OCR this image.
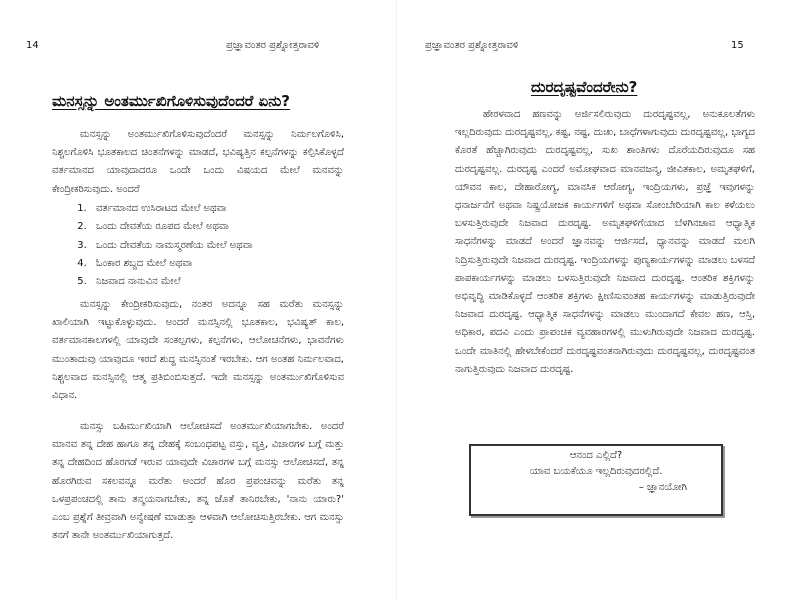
14	ಪ್ರಜ್ಞಾವಂತರ ಪ್ರಶ್ನೋತ್ತರಾವಳಿ
ಮನಸ್ಸನ್ನು ಅಂತರ್ಮುಖಿಗೊಳಿಸುವುದೆಂದರೆ ಏನು?

ಮನಸ್ಸನ್ನು ಅಂತರ್ಮುಖಿಗೊಳಿಸುವುದೆಂದರೆ ಮನಸ್ಸನ್ನು ನಿರ್ಮಲಗೊಳಿಸಿ, ನಿಶ್ಚಲಗೊಳಿಸಿ ಭೂತಕಾಲದ ಚಿಂತನೆಗಳನ್ನು ಮಾಡದೆ, ಭವಿಷ್ಯತ್ತಿನ ಕಲ್ಪನೆಗಳನ್ನು ಕಲ್ಪಿಸಿಕೊಳ್ಳದೆ ವರ್ತಮಾನದ ಯಾವುದಾದರೂ ಒಂದೇ ಒಂದು ವಿಷಯದ ಮೇಲೆ ಮನವನ್ನು ಕೇಂದ್ರೀಕರಿಸುವುದು. ಅಂದರೆ

1. ವರ್ತಮಾನದ ಉಸಿರಾಟದ ಮೇಲೆ ಅಥವಾ
2. ಒಂದು ದೇವತೆಯ ರೂಪದ ಮೇಲೆ ಅಥವಾ
3. ಒಂದು ದೇವತೆಯ ನಾಮಸ್ಮರಣೆಯ ಮೇಲೆ ಅಥವಾ
4. ಓಂಕಾರ ಶಬ್ದದ ಮೇಲೆ ಅಥವಾ
5. ನಿಜವಾದ ನಾನುವಿನ ಮೇಲೆ

ಮನಸ್ಸನ್ನು ಕೇಂದ್ರೀಕರಿಸುವುದು, ನಂತರ ಅದನ್ನೂ ಸಹ ಮರೆತು ಮನಸ್ಸನ್ನು ಖಾಲಿಯಾಗಿ ಇಟ್ಟುಕೊಳ್ಳುವುದು. ಅಂದರೆ ಮನಸ್ಸಿನಲ್ಲಿ ಭೂತಕಾಲ, ಭವಿಷ್ಯತ್ ಕಾಲ, ವರ್ತಮಾನಕಾಲಗಳಲ್ಲಿ ಯಾವುದೇ ಸಂಕಲ್ಪಗಳು, ಕಲ್ಪನೆಗಳು, ಆಲೋಚನೆಗಳು, ಭಾವನೆಗಳು ಮುಂತಾದುವು ಯಾವುದೂ ಇರದೆ ಶುದ್ಧ ಮನಸ್ಸಿನಂತೆ ಇರಬೇಕು. ಆಗ ಅಂತಹ ನಿರ್ಮಲವಾದ, ನಿಶ್ಚಲವಾದ ಮನಸ್ಸಿನಲ್ಲಿ ಆತ್ಮ ಪ್ರತಿಬಿಂಬಿಸುತ್ತದೆ. ಇದೇ ಮನಸ್ಸನ್ನು ಅಂತರ್ಮುಖಿಗೊಳಿಸುವ ವಿಧಾನ.

ಮನಸ್ಸು ಬಹಿರ್ಮುಖಿಯಾಗಿ ಆಲೋಚಿಸದೆ ಅಂತರ್ಮುಖಿಯಾಗಬೇಕು. ಅಂದರೆ ಮಾನವ ತನ್ನ ದೇಹ ಹಾಗೂ ತನ್ನ ದೇಹಕ್ಕೆ ಸಂಬಂಧಪಟ್ಟ ವಸ್ತು, ವ್ಯಕ್ತಿ, ವಿಚಾರಗಳ ಬಗ್ಗೆ ಮತ್ತು ತನ್ನ ದೇಹದಿಂದ ಹೊರಗಡೆ ಇರುವ ಯಾವುದೇ ವಿಚಾರಗಳ ಬಗ್ಗೆ ಮನಸ್ಸು ಆಲೋಚಿಸದೆ, ತನ್ನ ಹೊರಗಿರುವ ಸಕಲವನ್ನೂ ಮರೆತು ಅಂದರೆ ಹೊರ ಪ್ರಪಂಚವನ್ನು ಮರೆತು ತನ್ನ ಒಳಪ್ರಪಂಚದಲ್ಲಿ ತಾನು ತನ್ಮಯನಾಗಬೇಕು, ತನ್ನ ಜೊತೆ ತಾನಿರಬೇಕು, 'ನಾನು ಯಾರು?' ಎಂಬ ಪ್ರಶ್ನೆಗೆ ತೀವ್ರವಾಗಿ ಅನ್ವೇಷಣೆ ಮಾಡುತ್ತಾ ಆಳವಾಗಿ ಆಲೋಚಿಸುತ್ತಿರಬೇಕು. ಆಗ ಮನಸ್ಸು ತನಗೆ ತಾನೇ ಅಂತರ್ಮುಖಿಯಾಗುತ್ತದೆ.

ಪ್ರಜ್ಞಾವಂತರ ಪ್ರಶ್ನೋತ್ತರಾವಳಿ	15
ದುರದೃಷ್ಟವೆಂದರೇನು?

ಹೇರಳವಾದ ಹಣವನ್ನು ಅರ್ಜಿಸಲಿರುವುದು ದುರದೃಷ್ಟವಲ್ಲ, ಅನುಕೂಲತೆಗಳು ಇಲ್ಲದಿರುವುದು ದುರದೃಷ್ಟವಲ್ಲ, ಕಷ್ಟ, ನಷ್ಟ, ದುಃಖ, ಬಾಧೆಗಳಾಗುವುದು ದುರದೃಷ್ಟವಲ್ಲ, ಭಾಗ್ಯದ ಕೊರತೆ ಹೆಚ್ಚಾಗಿರುವುದು ದುರದೃಷ್ಟವಲ್ಲ, ಸುಖ ಶಾಂತಿಗಳು ದೊರೆಯದಿರುವುದೂ ಸಹ ದುರದೃಷ್ಟವಲ್ಲ. ದುರದೃಷ್ಟ ಎಂದರೆ ಅಮೋಘವಾದ ಮಾನವಜನ್ಮ, ಜೀವಿತಕಾಲ, ಅಮೃತಘಳಿಗೆ, ಯೌವನ ಕಾಲ, ದೇಹಾರೋಗ್ಯ, ಮಾನಸಿಕ ಆರೋಗ್ಯ, ಇಂದ್ರಿಯಗಳು, ಪ್ರಜ್ಞೆ ಇವುಗಳನ್ನು ಧನಾರ್ಜನೆಗೆ ಅಥವಾ ನಿಷ್ಪ್ರಯೋಜಕ ಕಾರ್ಯಗಳಿಗೆ ಅಥವಾ ಸೋಂಬೇರಿಯಾಗಿ ಕಾಲ ಕಳೆಯಲು ಬಳಸುತ್ತಿರುವುದೇ ನಿಜವಾದ ದುರದೃಷ್ಟ. ಅಮೃತಘಳಿಗೆಯಾದ ಬೆಳಗಿನಜಾವ ಆಧ್ಯಾತ್ಮಿಕ ಸಾಧನೆಗಳನ್ನು ಮಾಡದೆ ಅಂದರೆ ಜ್ಞಾನವನ್ನು ಆರ್ಜಿಸದೆ, ಧ್ಯಾನವನ್ನು ಮಾಡದೆ ಮಲಗಿ ನಿದ್ರಿಸುತ್ತಿರುವುದೇ ನಿಜವಾದ ದುರದೃಷ್ಟ. ಇಂದ್ರಿಯಗಳನ್ನು ಪುಣ್ಯಕಾರ್ಯಗಳನ್ನು ಮಾಡಲು ಬಳಸದೆ ಪಾಪಕಾರ್ಯಗಳನ್ನು ಮಾಡಲು ಬಳಸುತ್ತಿರುವುದೇ ನಿಜವಾದ ದುರದೃಷ್ಟ. ಆಂತರಿಕ ಶಕ್ತಿಗಳನ್ನು ಅಭಿವೃದ್ಧಿ ಮಾಡಿಕೊಳ್ಳದೆ ಆಂತರಿಕ ಶಕ್ತಿಗಳು ಕ್ಷೀಣಿಸುವಂತಹ ಕಾರ್ಯಗಳನ್ನು ಮಾಡುತ್ತಿರುವುದೇ ನಿಜವಾದ ದುರದೃಷ್ಟ. ಆಧ್ಯಾತ್ಮಿಕ ಸಾಧನೆಗಳನ್ನು ಮಾಡಲು ಮುಂದಾಗದೆ ಕೇವಲ ಹಣ, ಆಸ್ತಿ, ಅಧಿಕಾರ, ಪದವಿ ಎಂದು ಪ್ರಾಪಂಚಿಕ ವ್ಯವಹಾರಗಳಲ್ಲಿ ಮುಳುಗಿರುವುದೇ ನಿಜವಾದ ದುರದೃಷ್ಟ. ಒಂದೇ ಮಾತಿನಲ್ಲಿ ಹೇಳಬೇಕೆಂದರೆ ದುರದೃಷ್ಟವಂತನಾಗಿರುವುದು ದುರದೃಷ್ಟವಲ್ಲ, ದುರದೃಷ್ಟವಂತ ನಾಗುತ್ತಿರುವುದು ನಿಜವಾದ ದುರದೃಷ್ಟ.

ಆನಂದ ಎಲ್ಲಿದೆ?
ಯಾವ ಬಯಕೆಯೂ ಇಲ್ಲದಿರುವುದರಲ್ಲಿದೆ.
– ಜ್ಞಾನಯೋಗಿ
